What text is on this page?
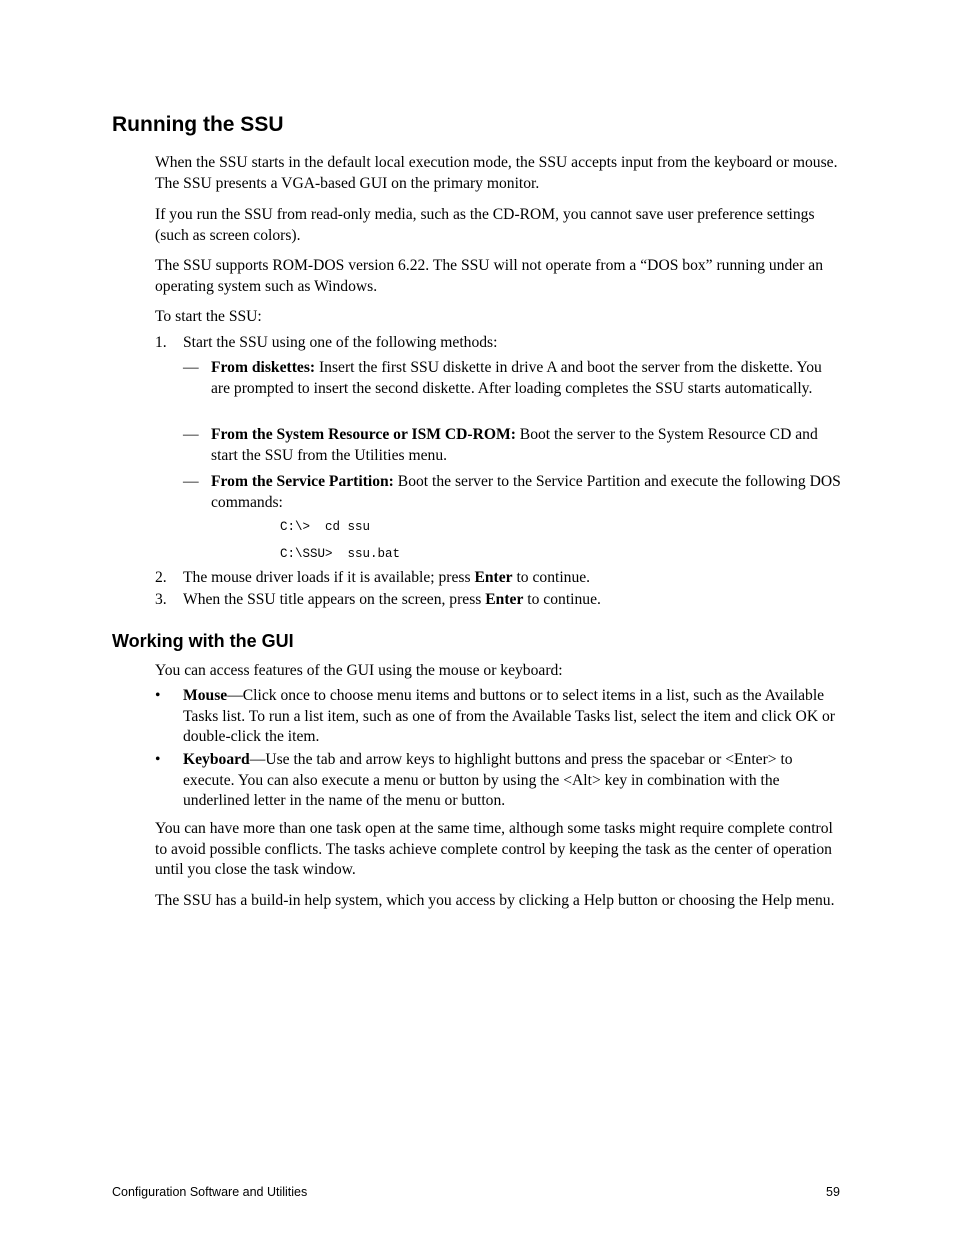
Running the SSU

When the SSU starts in the default local execution mode, the SSU accepts input from the keyboard or mouse. The SSU presents a VGA-based GUI on the primary monitor.

If you run the SSU from read-only media, such as the CD-ROM, you cannot save user preference settings (such as screen colors).

The SSU supports ROM-DOS version 6.22. The SSU will not operate from a “DOS box” running under an operating system such as Windows.

To start the SSU:

1. Start the SSU using one of the following methods:
— From diskettes: Insert the first SSU diskette in drive A and boot the server from the diskette. You are prompted to insert the second diskette. After loading completes the SSU starts automatically.
— From the System Resource or ISM CD-ROM: Boot the server to the System Resource CD and start the SSU from the Utilities menu.
— From the Service Partition: Boot the server to the Service Partition and execute the following DOS commands:
C:\>  cd ssu
C:\SSU>  ssu.bat
2. The mouse driver loads if it is available; press Enter to continue.
3. When the SSU title appears on the screen, press Enter to continue.
Working with the GUI

You can access features of the GUI using the mouse or keyboard:

• Mouse—Click once to choose menu items and buttons or to select items in a list, such as the Available Tasks list. To run a list item, such as one of from the Available Tasks list, select the item and click OK or double-click the item.
• Keyboard—Use the tab and arrow keys to highlight buttons and press the spacebar or <Enter> to execute. You can also execute a menu or button by using the <Alt> key in combination with the underlined letter in the name of the menu or button.

You can have more than one task open at the same time, although some tasks might require complete control to avoid possible conflicts. The tasks achieve complete control by keeping the task as the center of operation until you close the task window.

The SSU has a build-in help system, which you access by clicking a Help button or choosing the Help menu.

Configuration Software and Utilities	59
